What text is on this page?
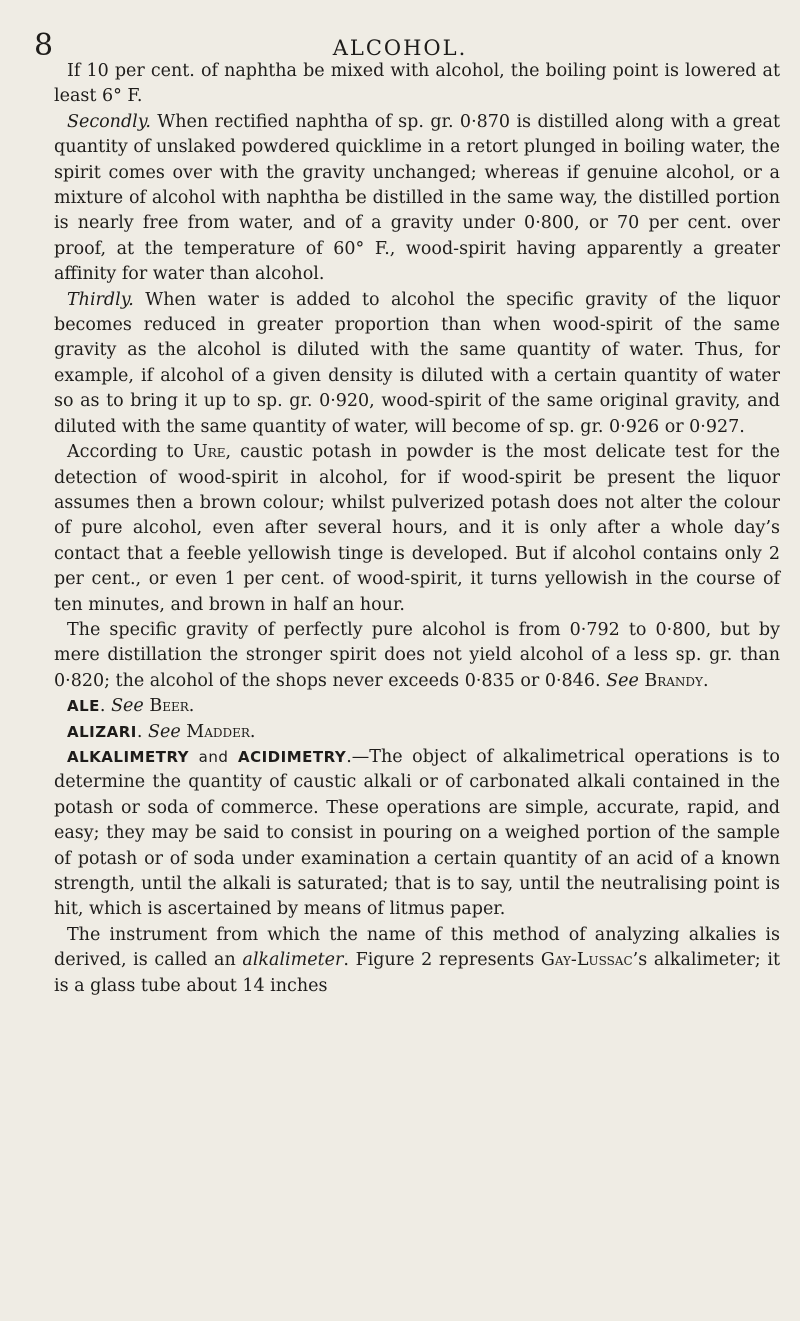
8	ALCOHOL.

If 10 per cent. of naphtha be mixed with alcohol, the boiling point is lowered at least 6° F.

Secondly. When rectified naphtha of sp. gr. 0·870 is distilled along with a great quantity of unslaked powdered quicklime in a retort plunged in boiling water, the spirit comes over with the gravity unchanged; whereas if genuine alcohol, or a mixture of alcohol with naphtha be distilled in the same way, the distilled portion is nearly free from water, and of a gravity under 0·800, or 70 per cent. over proof, at the temperature of 60° F., wood-spirit having apparently a greater affinity for water than alcohol.

Thirdly. When water is added to alcohol the specific gravity of the liquor becomes reduced in greater proportion than when wood-spirit of the same gravity as the alcohol is diluted with the same quantity of water. Thus, for example, if alcohol of a given density is diluted with a certain quantity of water so as to bring it up to sp. gr. 0·920, wood-spirit of the same original gravity, and diluted with the same quantity of water, will become of sp. gr. 0·926 or 0·927.

According to Ure, caustic potash in powder is the most delicate test for the detection of wood-spirit in alcohol, for if wood-spirit be present the liquor assumes then a brown colour; whilst pulverized potash does not alter the colour of pure alcohol, even after several hours, and it is only after a whole day’s contact that a feeble yellowish tinge is developed. But if alcohol contains only 2 per cent., or even 1 per cent. of wood-spirit, it turns yellowish in the course of ten minutes, and brown in half an hour.

The specific gravity of perfectly pure alcohol is from 0·792 to 0·800, but by mere distillation the stronger spirit does not yield alcohol of a less sp. gr. than 0·820; the alcohol of the shops never exceeds 0·835 or 0·846. See Brandy.

ALE. See Beer.

ALIZARI. See Madder.

ALKALIMETRY and ACIDIMETRY.—The object of alkalimetrical operations is to determine the quantity of caustic alkali or of carbonated alkali contained in the potash or soda of commerce. These operations are simple, accurate, rapid, and easy; they may be said to consist in pouring on a weighed portion of the sample of potash or of soda under examination a certain quantity of an acid of a known strength, until the alkali is saturated; that is to say, until the neutralising point is hit, which is ascertained by means of litmus paper.

The instrument from which the name of this method of analyzing alkalies is derived, is called an alkalimeter. Figure 2 represents Gay-Lussac’s alkalimeter; it is a glass tube about 14 inches
